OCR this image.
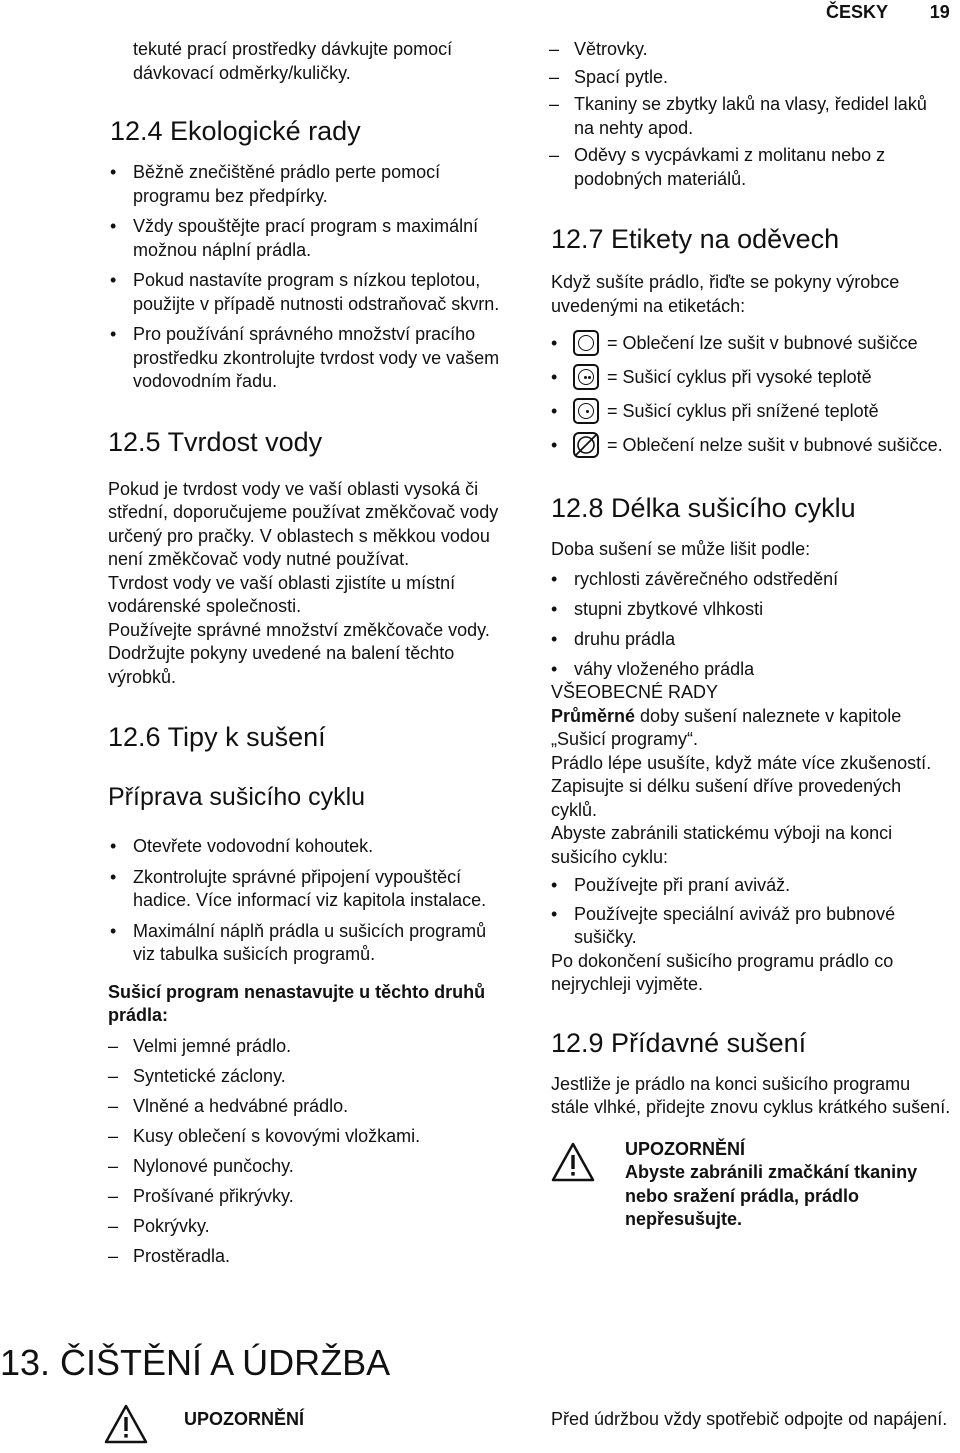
ČESKY 19

tekuté prací prostředky dávkujte pomocí dávkovací odměrky/kuličky.

12.4 Ekologické rady
• Běžně znečištěné prádlo perte pomocí programu bez předpírky.
• Vždy spouštějte prací program s maximální možnou náplní prádla.
• Pokud nastavíte program s nízkou teplotou, použijte v případě nutnosti odstraňovač skvrn.
• Pro používání správného množství pracího prostředku zkontrolujte tvrdost vody ve vašem vodovodním řadu.
12.5 Tvrdost vody

Pokud je tvrdost vody ve vaší oblasti vysoká či střední, doporučujeme používat změkčovač vody určený pro pračky. V oblastech s měkkou vodou není změkčovač vody nutné používat.

Tvrdost vody ve vaší oblasti zjistíte u místní vodárenské společnosti.

Používejte správné množství změkčovače vody. Dodržujte pokyny uvedené na balení těchto výrobků.

12.6 Tipy k sušení
Příprava sušicího cyklu
• Otevřete vodovodní kohoutek.
• Zkontrolujte správné připojení vypouštěcí hadice. Více informací viz kapitola instalace.
• Maximální náplň prádla u sušicích programů viz tabulka sušicích programů.

Sušicí program nenastavujte u těchto druhů prádla:

– Velmi jemné prádlo.
– Syntetické záclony.
– Vlněné a hedvábné prádlo.
– Kusy oblečení s kovovými vložkami.
– Nylonové punčochy.
– Prošívané přikrývky.
– Pokrývky.
– Prostěradla.
– Větrovky.
– Spací pytle.
– Tkaniny se zbytky laků na vlasy, ředidel laků na nehty apod.
– Oděvy s vycpávkami z molitanu nebo z podobných materiálů.
12.7 Etikety na oděvech

Když sušíte prádlo, řiďte se pokyny výrobce uvedenými na etiketách:

•	= Oblečení lze sušit v bubnové sušičce
•	= Sušicí cyklus při vysoké teplotě
•	= Sušicí cyklus při snížené teplotě
•	= Oblečení nelze sušit v bubnové sušičce.
12.8 Délka sušicího cyklu

Doba sušení se může lišit podle:

• rychlosti závěrečného odstředění
• stupni zbytkové vlhkosti
• druhu prádla
• váhy vloženého prádla

VŠEOBECNÉ RADY

Průměrné doby sušení naleznete v kapitole „Sušicí programy“.

Prádlo lépe usušíte, když máte více zkušeností.

Zapisujte si délku sušení dříve provedených cyklů.

Abyste zabránili statickému výboji na konci sušicího cyklu:

• Používejte při praní aviváž.
• Používejte speciální aviváž pro bubnové sušičky.

Po dokončení sušicího programu prádlo co nejrychleji vyjměte.

12.9 Přídavné sušení

Jestliže je prádlo na konci sušicího programu stále vlhké, přidejte znovu cyklus krátkého sušení.

UPOZORNĚNÍ

Abyste zabránili zmačkání tkaniny nebo sražení prádla, prádlo nepřesušujte.

13. ČIŠTĚNÍ A ÚDRŽBA

UPOZORNĚNÍ	Před údržbou vždy spotřebič odpojte od napájení.
